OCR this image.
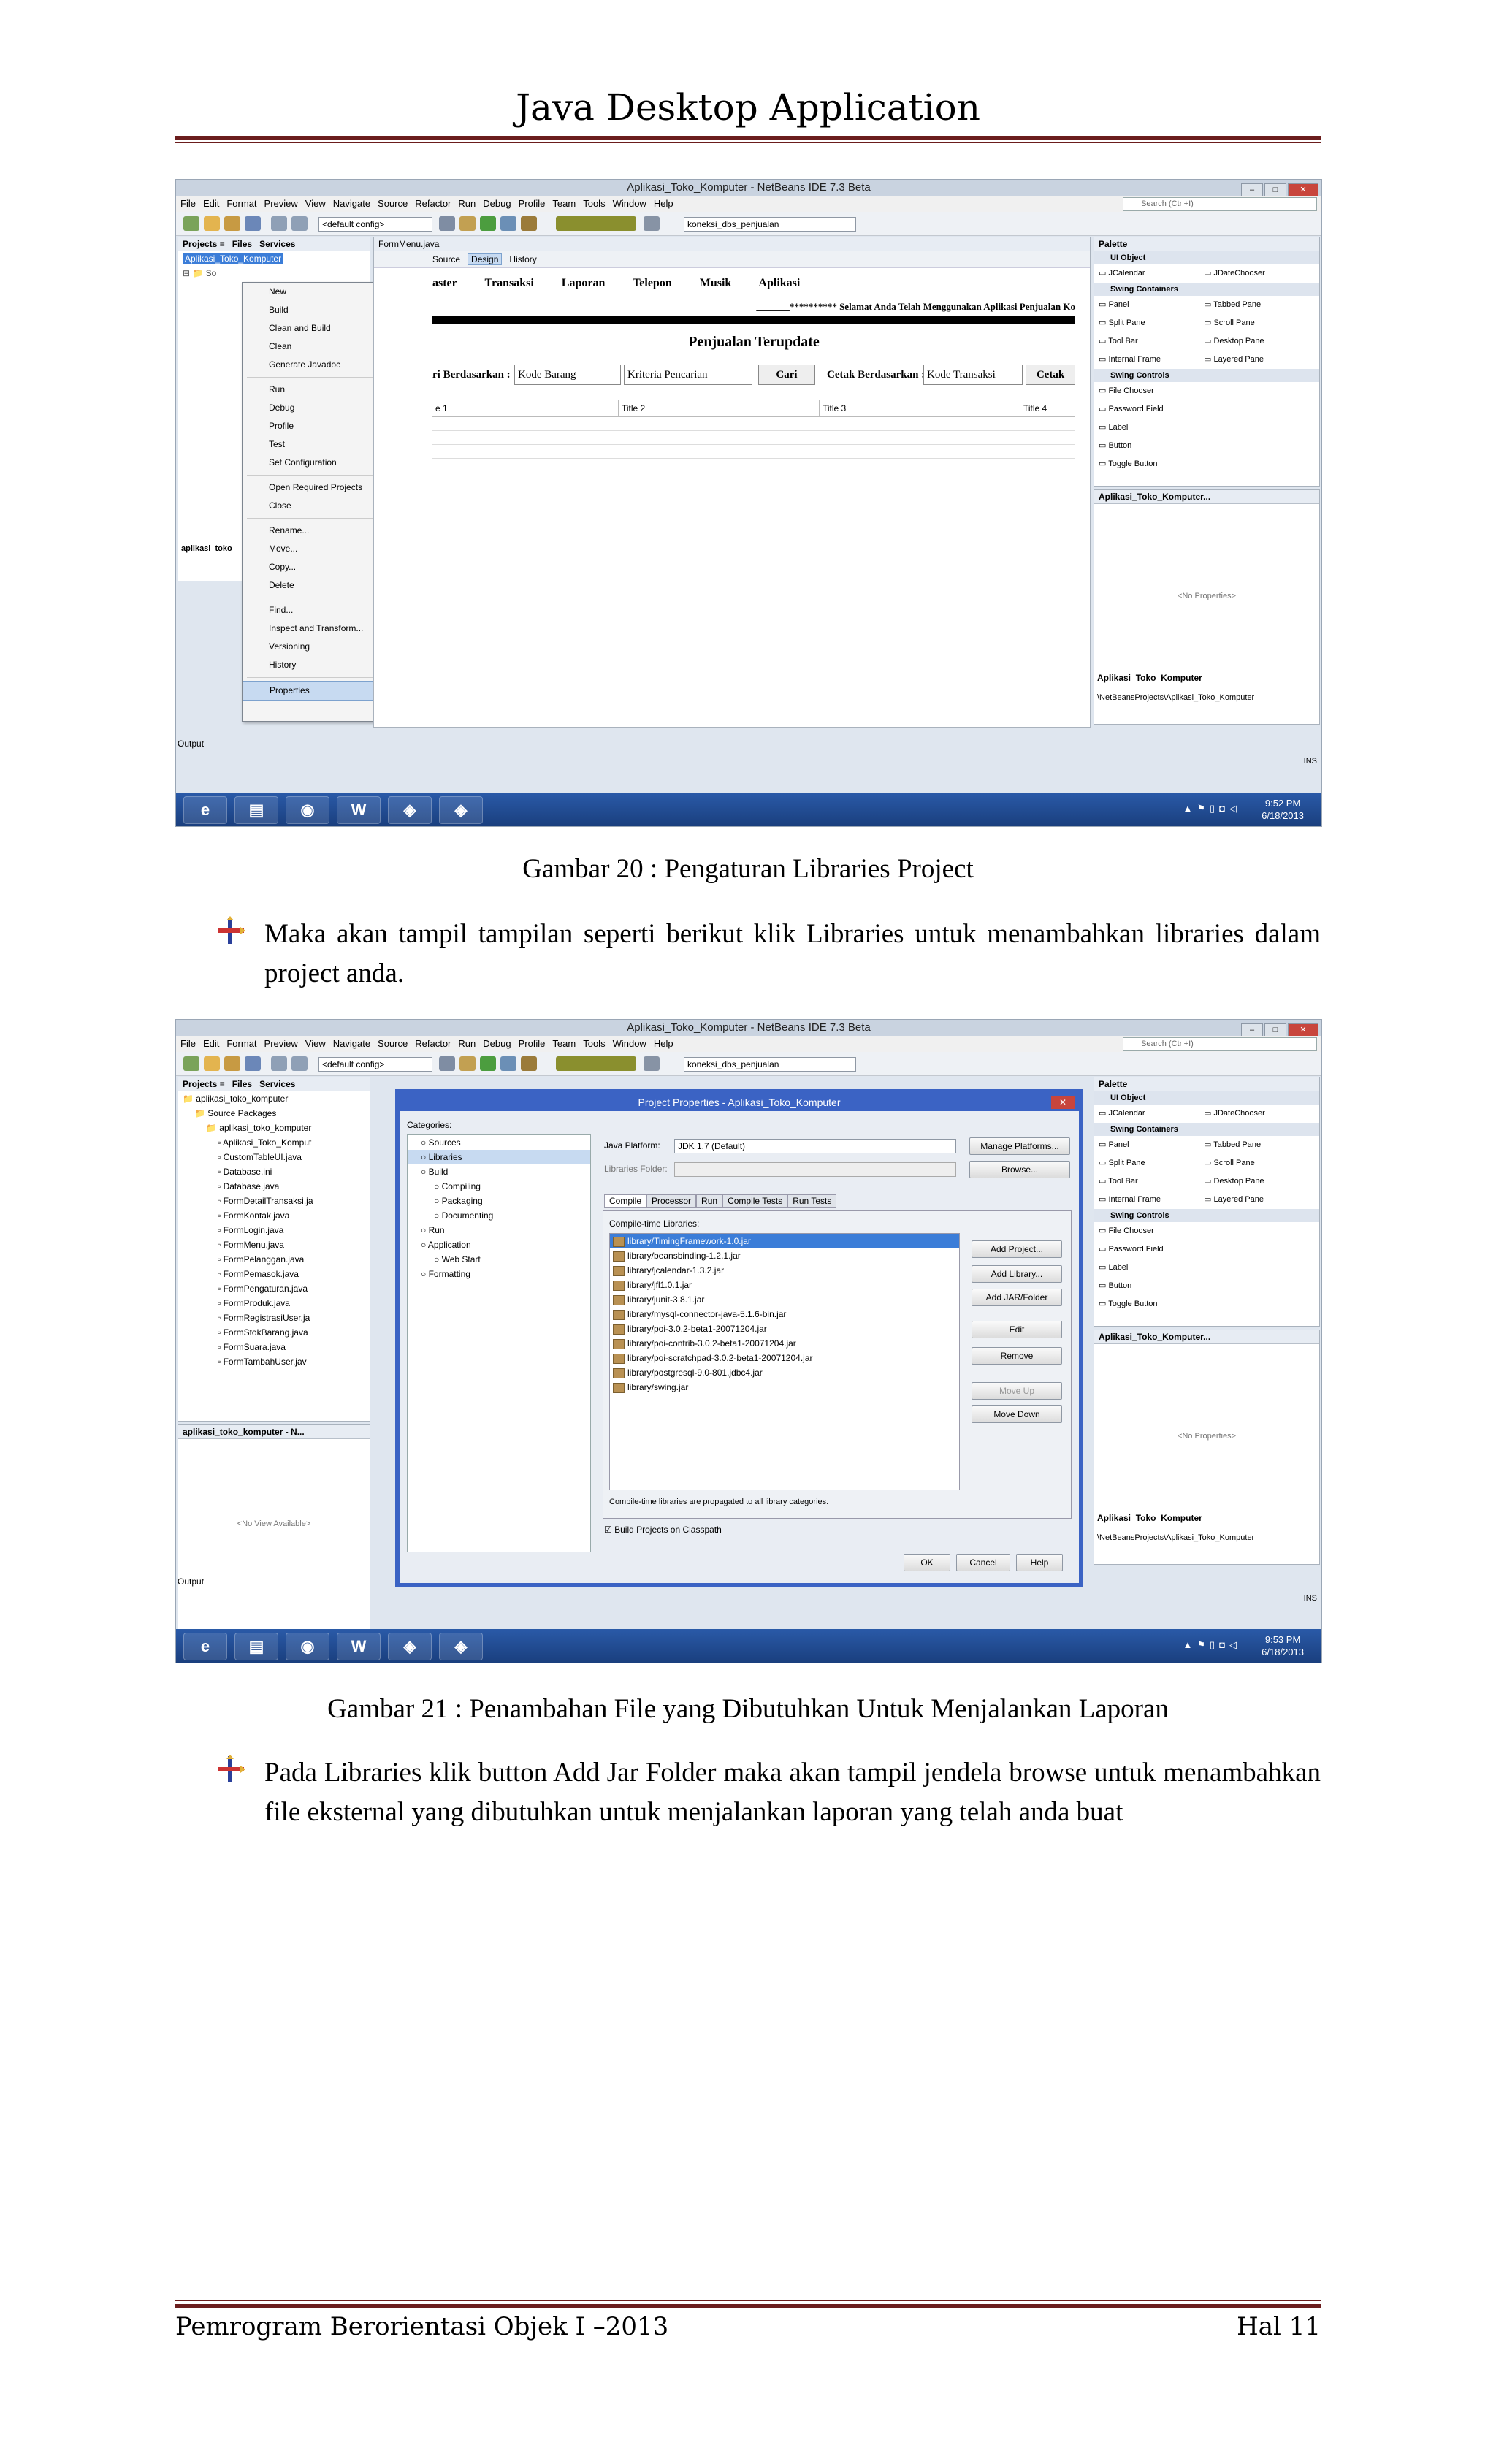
Java Desktop Application
Aplikasi_Toko_Komputer - NetBeans IDE 7.3 Beta	– □	✕
File Edit Format Preview View Navigate Source Refactor Run Debug Profile Team Tools Window Help	Search (Ctrl+I)
<default config>	koneksi_dbs_penjualan
Projects ≡   Files Services
Aplikasi_Toko_Komputer
⊟ 📁 So
aplikasi_toko
New
Build
Clean and Build
Clean
Generate Javadoc
Run
Debug
Profile
Test
Set Configuration
Open Required Projects
Close
Rename...
Move...
Copy...
Delete
Find...
Inspect and Transform...
Versioning
History
Properties
FormMenu.java
Source Design History
aster Transaksi Laporan Telepon Musik Aplikasi
_______********** Selamat Anda Telah Menggunakan Aplikasi Penjualan Ko
Penjualan Terupdate
ri Berdasarkan : Kode Barang	Kriteria Pencarian	Cari	Cetak Berdasarkan : Kode Transaksi	Cetak
e 1	Title 2	Title 3	Title 4
Palette
UI Object
▭ JCalendar	▭ JDateChooser
Swing Containers
▭ Panel	▭ Tabbed Pane
▭ Split Pane	▭ Scroll Pane
▭ Tool Bar	▭ Desktop Pane
▭ Internal Frame	▭ Layered Pane
Swing Controls
▭ File Chooser
▭ Password Field
▭ Label
▭ Button
▭ Toggle Button
Aplikasi_Toko_Komputer...
<No Properties>
Aplikasi_Toko_Komputer
\NetBeansProjects\Aplikasi_Toko_Komputer
Output
INS
e	▤	◉	W	◈	◈	▲⚑▯◘◁	9:52 PM
6/18/2013
Gambar 20 : Pengaturan Libraries Project
Maka akan tampil tampilan seperti berikut klik Libraries untuk menambahkan libraries dalam project anda.
Aplikasi_Toko_Komputer - NetBeans IDE 7.3 Beta	– □	✕
File Edit Format Preview View Navigate Source Refactor Run Debug Profile Team Tools Window Help	Search (Ctrl+I)
<default config>	koneksi_dbs_penjualan
Projects ≡   Files Services
📁 aplikasi_toko_komputer
📁 Source Packages
📁 aplikasi_toko_komputer
▫ Aplikasi_Toko_Komput
▫ CustomTableUI.java
▫ Database.ini
▫ Database.java
▫ FormDetailTransaksi.ja
▫ FormKontak.java
▫ FormLogin.java
▫ FormMenu.java
▫ FormPelanggan.java
▫ FormPemasok.java
▫ FormPengaturan.java
▫ FormProduk.java
▫ FormRegistrasiUser.ja
▫ FormStokBarang.java
▫ FormSuara.java
▫ FormTambahUser.jav
aplikasi_toko_komputer - N...
<No View Available>
Palette
UI Object
▭ JCalendar	▭ JDateChooser
Swing Containers
▭ Panel	▭ Tabbed Pane
▭ Split Pane	▭ Scroll Pane
▭ Tool Bar	▭ Desktop Pane
▭ Internal Frame	▭ Layered Pane
Swing Controls
▭ File Chooser
▭ Password Field
▭ Label
▭ Button
▭ Toggle Button
Aplikasi_Toko_Komputer...
<No Properties>
Aplikasi_Toko_Komputer
\NetBeansProjects\Aplikasi_Toko_Komputer
Project Properties - Aplikasi_Toko_Komputer	✕
Categories:
○ Sources
○ Libraries
○ Build
○ Compiling
○ Packaging
○ Documenting
○ Run
○ Application
○ Web Start
○ Formatting
Java Platform:	JDK 1.7 (Default)	Manage Platforms...
Libraries Folder:	Browse...
Compile Processor Run Compile Tests Run Tests
Compile-time Libraries:
library/TimingFramework-1.0.jar
library/beansbinding-1.2.1.jar
library/jcalendar-1.3.2.jar
library/jfl1.0.1.jar
library/junit-3.8.1.jar
library/mysql-connector-java-5.1.6-bin.jar
library/poi-3.0.2-beta1-20071204.jar
library/poi-contrib-3.0.2-beta1-20071204.jar
library/poi-scratchpad-3.0.2-beta1-20071204.jar
library/postgresql-9.0-801.jdbc4.jar
library/swing.jar
Add Project...
Add Library...
Add JAR/Folder
Edit
Remove
Move Up
Move Down
Compile-time libraries are propagated to all library categories.
☑ Build Projects on Classpath
OK	Cancel	Help
Output
INS
e	▤	◉	W	◈	◈	▲⚑▯◘◁	9:53 PM
6/18/2013
Gambar 21 : Penambahan File yang Dibutuhkan Untuk Menjalankan Laporan
Pada Libraries klik button Add Jar Folder maka akan tampil jendela browse untuk menambahkan file eksternal yang dibutuhkan untuk menjalankan laporan yang telah anda buat
Pemrogram Berorientasi Objek I –2013	Hal 11
